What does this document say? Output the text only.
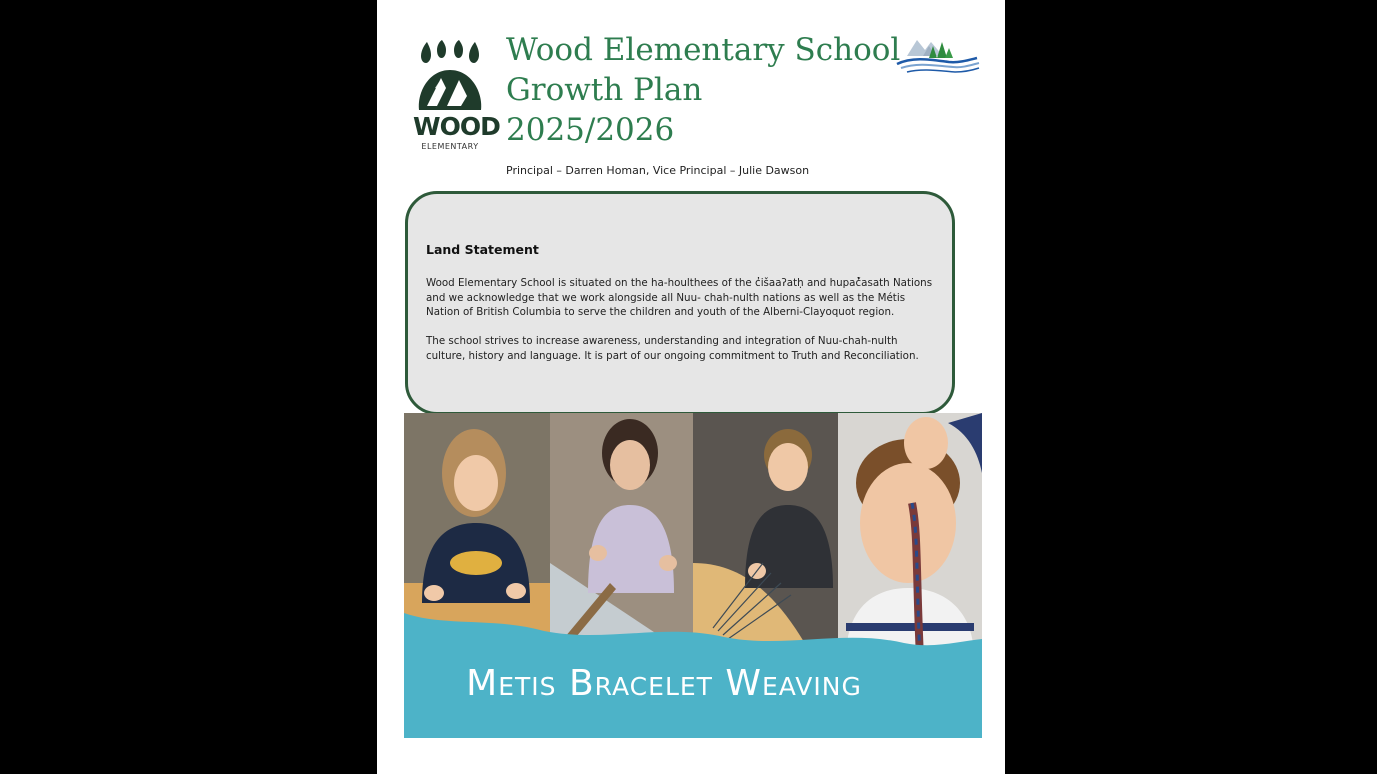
WOOD
ELEMENTARY
Wood Elementary School
Growth Plan
2025/2026
Principal – Darren Homan, Vice Principal – Julie Dawson
Land Statement

Wood Elementary School is situated on the ha-houlthees of the c̓išaaʔatḥ and hupač̓asath Nations and we acknowledge that we work alongside all Nuu- chah-nulth nations as well as the Métis Nation of British Columbia to serve the children and youth of the Alberni-Clayoquot region.

The school strives to increase awareness, understanding and integration of Nuu-chah-nulth culture, history and language. It is part of our ongoing commitment to Truth and Reconciliation.

Metis Bracelet Weaving
